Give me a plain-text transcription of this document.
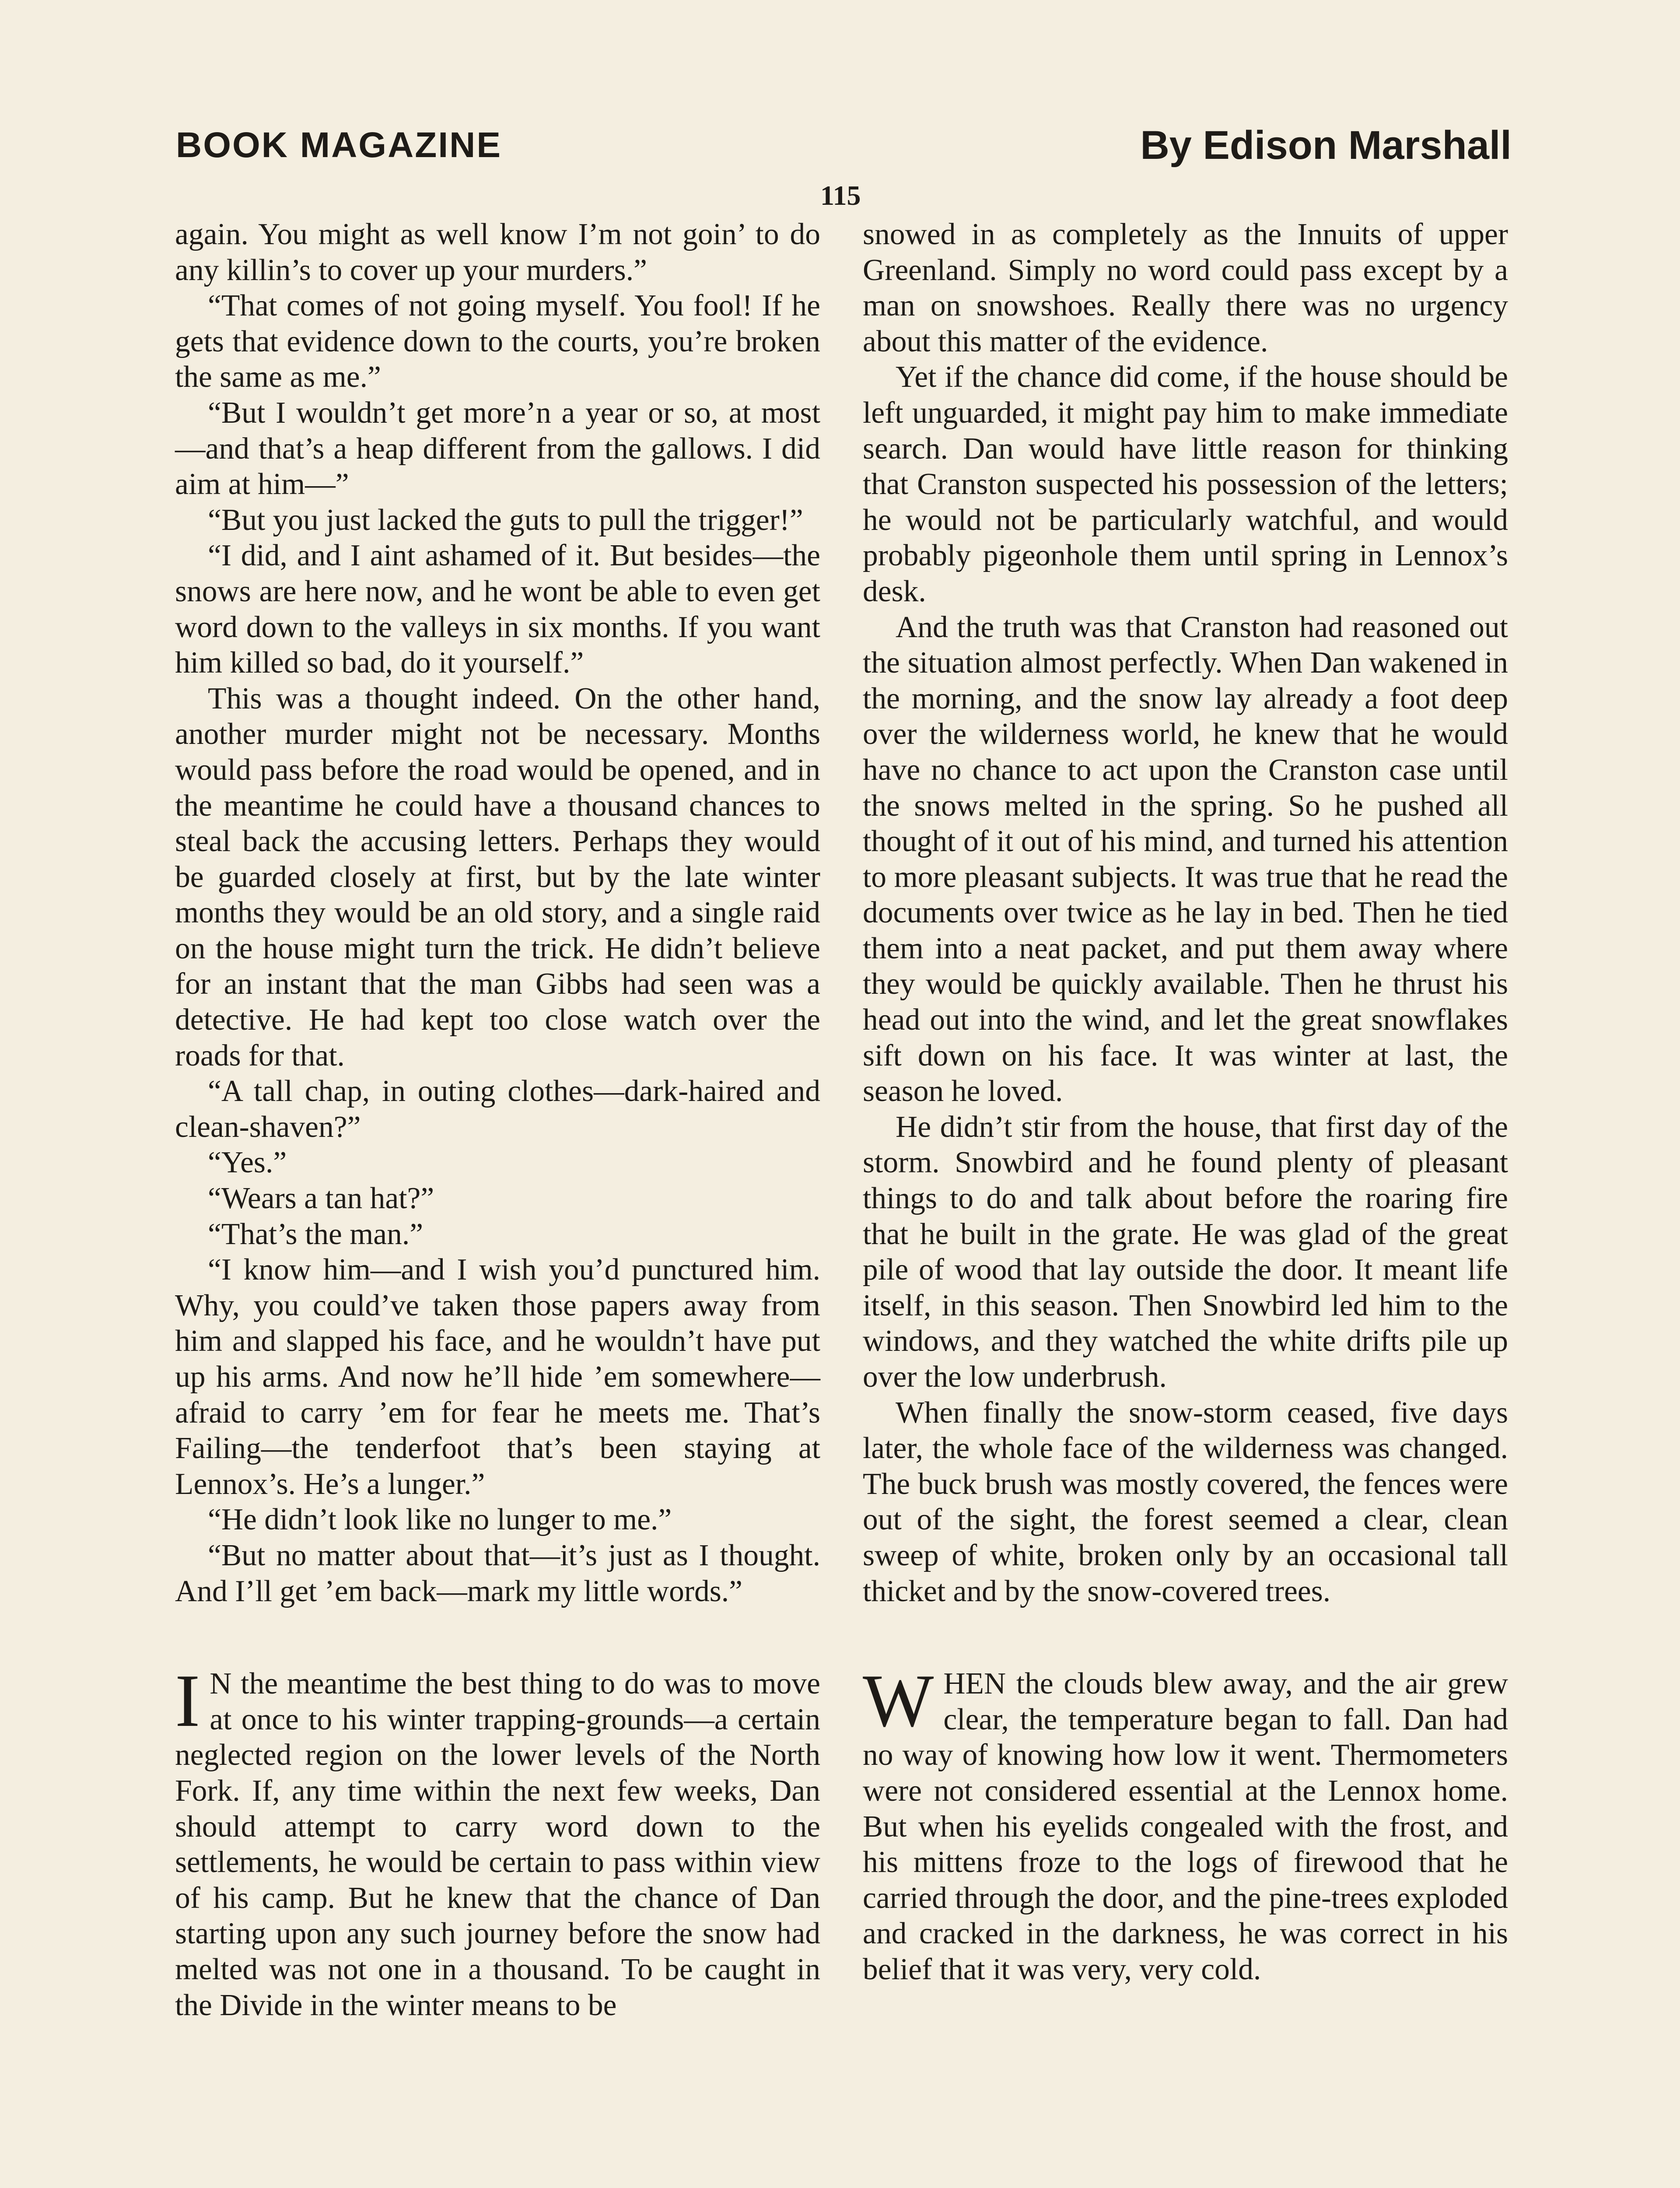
BOOK MAGAZINE	By Edison Marshall
115

again. You might as well know I’m not goin’ to do any killin’s to cover up your murders.”

“That comes of not going myself. You fool! If he gets that evidence down to the courts, you’re broken the same as me.”

“But I wouldn’t get more’n a year or so, at most—and that’s a heap different from the gallows. I did aim at him—”

“But you just lacked the guts to pull the trigger!”

“I did, and I aint ashamed of it. But besides—the snows are here now, and he wont be able to even get word down to the valleys in six months. If you want him killed so bad, do it yourself.”

This was a thought indeed. On the other hand, another murder might not be necessary. Months would pass before the road would be opened, and in the meantime he could have a thousand chances to steal back the accusing letters. Perhaps they would be guarded closely at first, but by the late winter months they would be an old story, and a single raid on the house might turn the trick. He didn’t believe for an instant that the man Gibbs had seen was a detective. He had kept too close watch over the roads for that.

“A tall chap, in outing clothes—dark-haired and clean-shaven?”

“Yes.”

“Wears a tan hat?”

“That’s the man.”

“I know him—and I wish you’d punctured him. Why, you could’ve taken those papers away from him and slapped his face, and he wouldn’t have put up his arms. And now he’ll hide ’em somewhere—afraid to carry ’em for fear he meets me. That’s Failing—the tenderfoot that’s been staying at Lennox’s. He’s a lunger.”

“He didn’t look like no lunger to me.”

“But no matter about that—it’s just as I thought. And I’ll get ’em back—mark my little words.”

I N the meantime the best thing to do was to move at once to his winter trapping-grounds—a certain neglected region on the lower levels of the North Fork. If, any time within the next few weeks, Dan should attempt to carry word down to the settlements, he would be certain to pass within view of his camp. But he knew that the chance of Dan starting upon any such journey before the snow had melted was not one in a thousand. To be caught in the Divide in the winter means to be

snowed in as completely as the Innuits of upper Greenland. Simply no word could pass except by a man on snowshoes. Really there was no urgency about this matter of the evidence.

Yet if the chance did come, if the house should be left unguarded, it might pay him to make immediate search. Dan would have little reason for thinking that Cranston suspected his possession of the letters; he would not be particularly watchful, and would probably pigeonhole them until spring in Lennox’s desk.

And the truth was that Cranston had reasoned out the situation almost perfectly. When Dan wakened in the morning, and the snow lay already a foot deep over the wilderness world, he knew that he would have no chance to act upon the Cranston case until the snows melted in the spring. So he pushed all thought of it out of his mind, and turned his attention to more pleasant subjects. It was true that he read the documents over twice as he lay in bed. Then he tied them into a neat packet, and put them away where they would be quickly available. Then he thrust his head out into the wind, and let the great snowflakes sift down on his face. It was winter at last, the season he loved.

He didn’t stir from the house, that first day of the storm. Snowbird and he found plenty of pleasant things to do and talk about before the roaring fire that he built in the grate. He was glad of the great pile of wood that lay outside the door. It meant life itself, in this season. Then Snowbird led him to the windows, and they watched the white drifts pile up over the low underbrush.

When finally the snow-storm ceased, five days later, the whole face of the wilderness was changed. The buck brush was mostly covered, the fences were out of the sight, the forest seemed a clear, clean sweep of white, broken only by an occasional tall thicket and by the snow-covered trees.

WHEN the clouds blew away, and the air grew clear, the temperature began to fall. Dan had no way of knowing how low it went. Thermometers were not considered essential at the Lennox home. But when his eyelids congealed with the frost, and his mittens froze to the logs of firewood that he carried through the door, and the pine-trees exploded and cracked in the darkness, he was correct in his belief that it was very, very cold.
